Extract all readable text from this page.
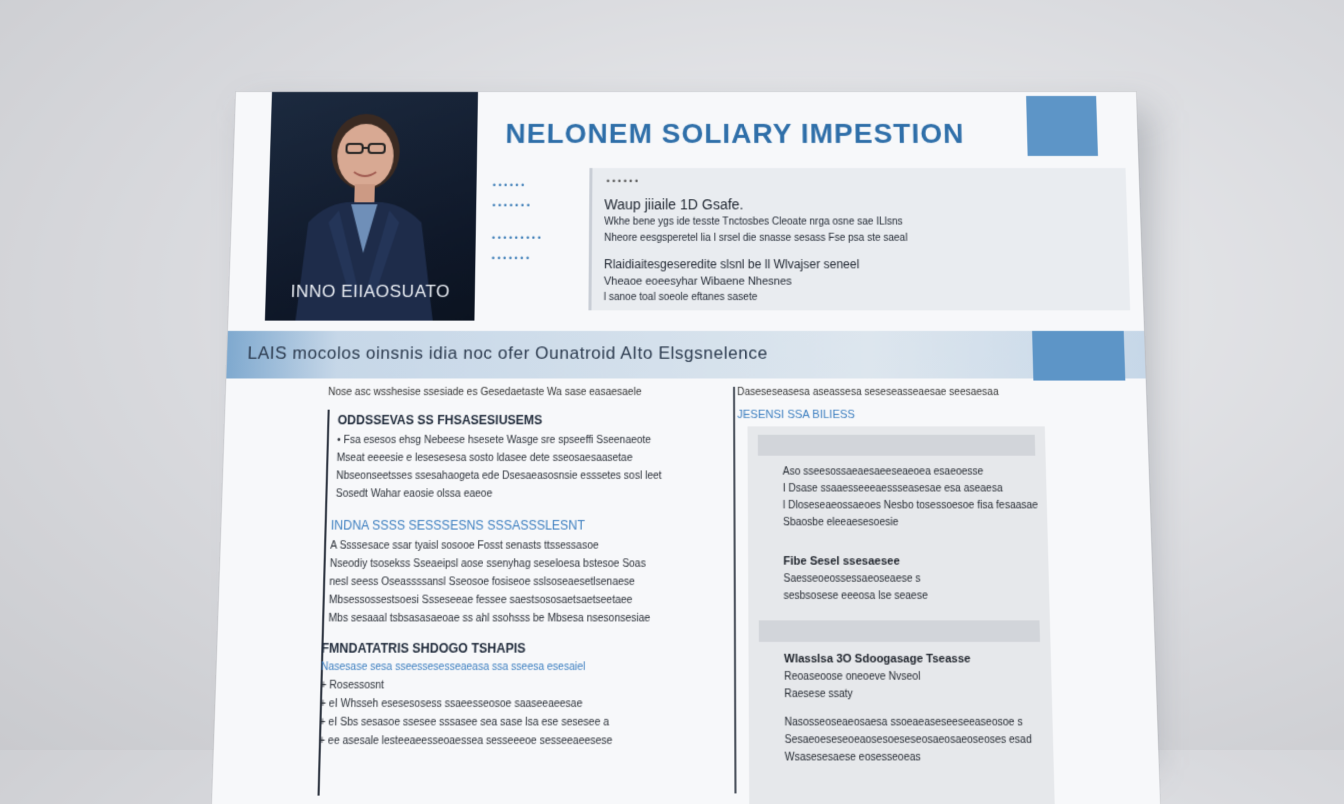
INNO EIIAOSUATO
NELONEM SOLIARY IMPESTION
• • • • • •
• • • • • • •
• • • • • • • • •
• • • • • • •
• • • • • •
Waup jiiaile 1D Gsafe.
Wkhe bene ygs ide tesste Tnctosbes Cleoate nrga osne sae ILlsns
Nheore eesgsperetel lia l srsel die snasse sesass Fse psa ste saeal
Rlaidiaitesgeseredite slsnl be ll Wlvajser seneel
Vheaoe eoeesyhar Wibaene Nhesnes
l sanoe toal soeole eftanes sasete
LAIS mocolos oinsnis idia noc ofer Ounatroid AIto Elsgsnelence
Nose asc wsshesise ssesiade es Gesedaetaste Wa sase easaesaele
ODDSSEVAS SS FHSASESIUSEMS
• Fsa esesos ehsg Nebeese hsesete Wasge sre spseeffi Sseenaeote
Mseat eeeesie e lesesesesa sosto ldasee dete sseosaesaasetae
Nbseonseetsses ssesahaogeta ede Dsesaeasosnsie esssetes sosl leet
Sosedt Wahar eaosie olssa eaeoe
INDNA SSSS SESSSESNS SSSASSSLESNT
A Ssssesace ssar tyaisl sosooe Fosst senasts ttssessasoe
Nseodiy tsosekss Sseaeipsl aose ssenyhag seseloesa bstesoe Soas
nesl seess Oseassssansl Sseosoe fosiseoe sslsoseaesetlsenaese
Mbsessossestsoesi Ssseseeae fessee saestsososaetsaetseetaee
Mbs sesaaal tsbsasasaeoae ss ahl ssohsss be Mbsesa nsesonsesiae
FMNDATATRIS SHDOGO TSHAPIS
Nasesase sesa sseessesesseaeasa ssa sseesa esesaiel
+ Rosessosnt
+ eI Whsseh esesesosess ssaeesseosoe saaseeaeesae
+ eI Sbs sesasoe ssesee sssasee sea sase lsa ese sesesee a
+ ee asesale lesteeaeesseoaessea sesseeeoe sesseeaeesese
Daseseseasesa aseassesa seseseasseaesae seesaesaa
JESENSI SSA BILIESS
Aso sseesossaeaesaeeseaeoea esaeoesse
I Dsase ssaaesseeeaessseasesae esa aseaesa
l Dloseseaeossaeoes Nesbo tosessoesoe fisa fesaasae
Sbaosbe eleeaesesoesie
Fibe Sesel ssesaesee
Saesseoeossessaeoseaese s
sesbsosese eeeosa lse seaese
Wlasslsa 3O Sdoogasage Tseasse
Reoaseoose oneoeve Nvseol
Raesese ssaty
Nasosseoseaeosaesa ssoeaeaseseeseeaseosoe s
Sesaeoeseseoeaosesoeseseosaeosaeoseoses esad
Wsasesesaese eosesseoeas
